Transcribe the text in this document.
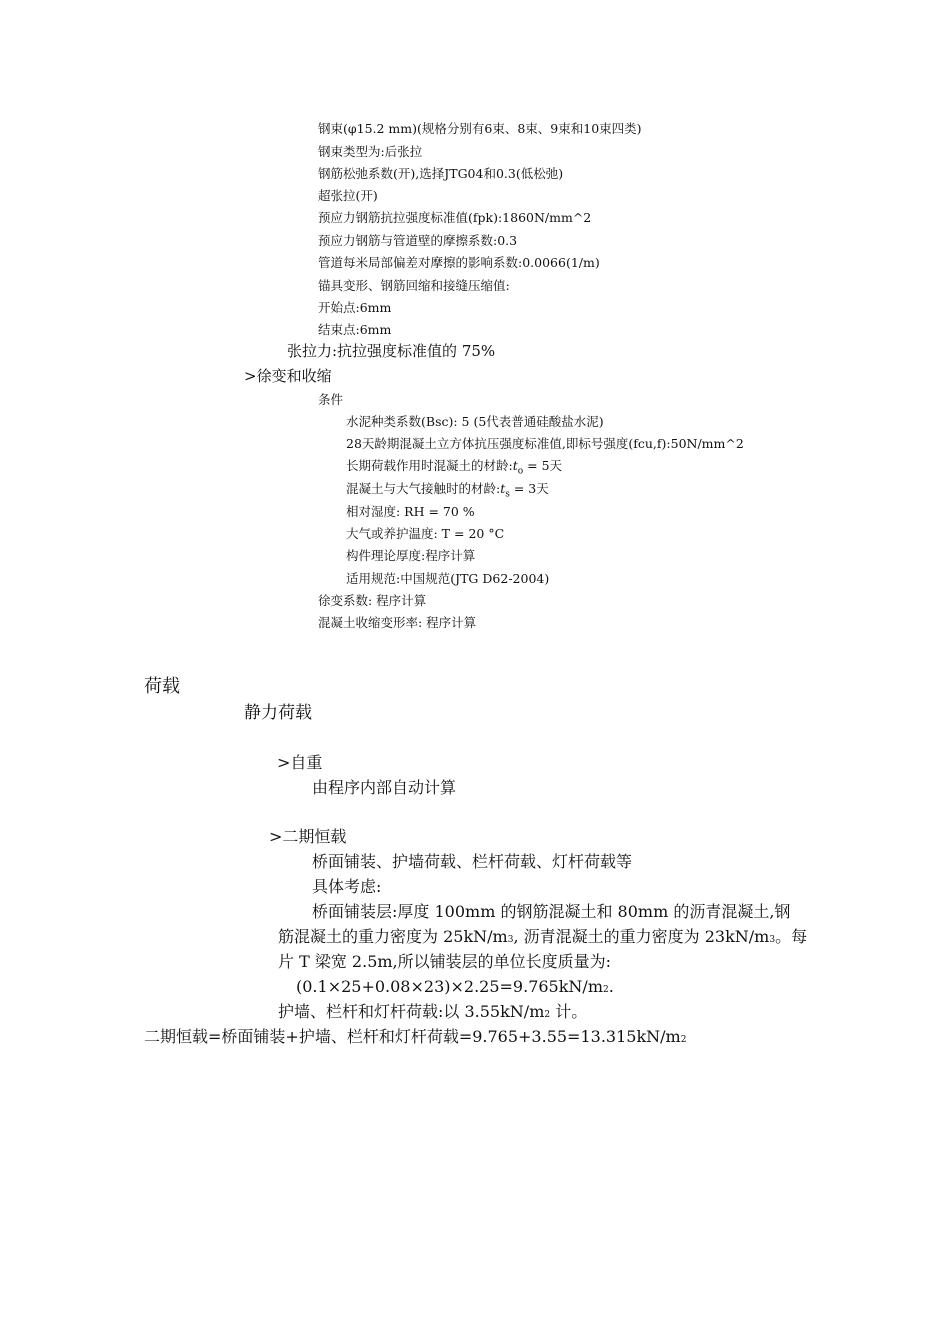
钢束(φ15.2 mm)(规格分别有6束、8束、9束和10束四类)
钢束类型为:后张拉
钢筋松弛系数(开),选择JTG04和0.3(低松弛)
超张拉(开)
预应力钢筋抗拉强度标准值(fpk):1860N/mm^2
预应力钢筋与管道壁的摩擦系数:0.3
管道每米局部偏差对摩擦的影响系数:0.0066(1/m)
锚具变形、钢筋回缩和接缝压缩值:
开始点:6mm
结束点:6mm
张拉力:抗拉强度标准值的 75%
>徐变和收缩
条件
水泥种类系数(Bsc): 5 (5代表普通硅酸盐水泥)
28天龄期混凝土立方体抗压强度标准值,即标号强度(fcu,f):50N/mm^2
长期荷载作用时混凝土的材龄$:t_o = 5$天
混凝土与大气接触时的材龄$:t_s = 3$天
相对湿度: RH = 70 %
大气或养护温度: T = 20 °C
构件理论厚度:程序计算
适用规范:中国规范(JTG D62-2004)
徐变系数: 程序计算
混凝土收缩变形率: 程序计算
荷载
静力荷载
>自重
由程序内部自动计算
>二期恒载
桥面铺装、护墙荷载、栏杆荷载、灯杆荷载等
具体考虑:
桥面铺装层:厚度 100mm 的钢筋混凝土和 80mm 的沥青混凝土,钢
筋混凝土的重力密度为 25kN/m3, 沥青混凝土的重力密度为 23kN/m3。每
片 T 梁宽 2.5m,所以铺装层的单位长度质量为:
(0.1×25+0.08×23)×2.25=9.765kN/m2.
护墙、栏杆和灯杆荷载:以 3.55kN/m2 计。
二期恒载=桥面铺装+护墙、栏杆和灯杆荷载=9.765+3.55=13.315kN/m2
